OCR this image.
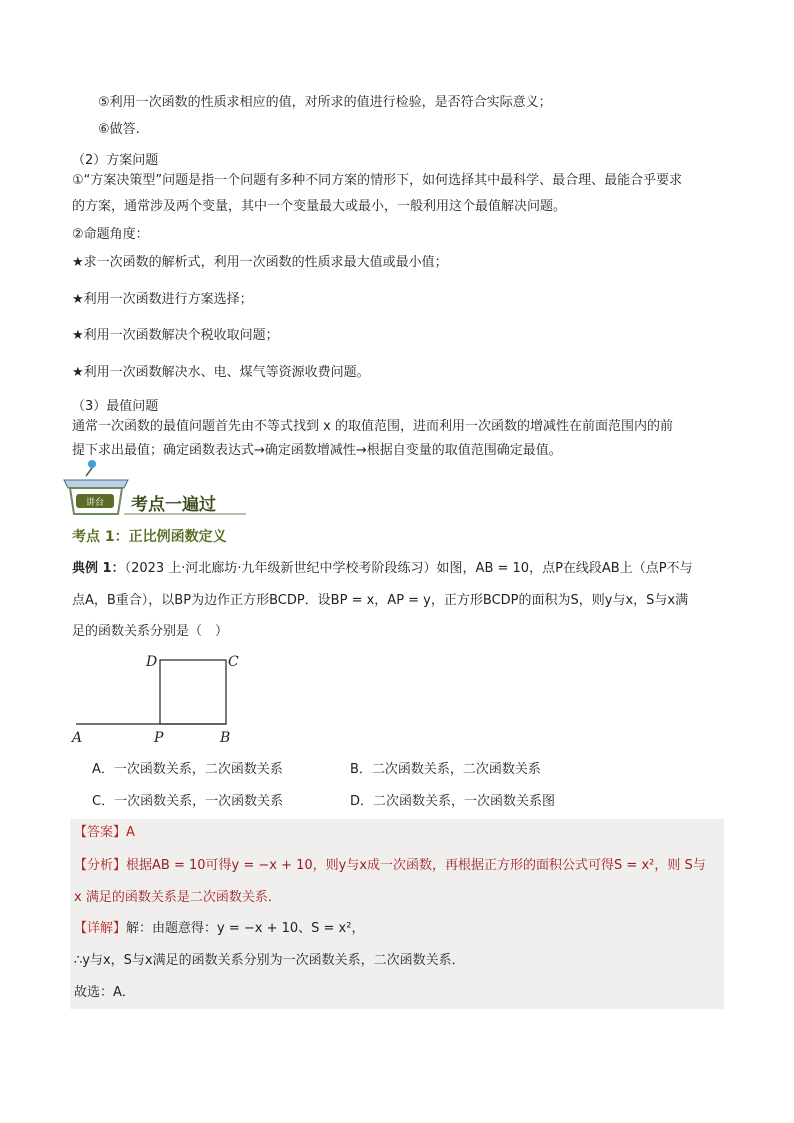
⑤利用一次函数的性质求相应的值，对所求的值进行检验，是否符合实际意义；
⑥做答.
（2）方案问题
①“方案决策型”问题是指一个问题有多种不同方案的情形下，如何选择其中最科学、最合理、最能合乎要求
的方案，通常涉及两个变量，其中一个变量最大或最小，一般利用这个最值解决问题。
②命题角度：
★求一次函数的解析式，利用一次函数的性质求最大值或最小值；
★利用一次函数进行方案选择；
★利用一次函数解决个税收取问题；
★利用一次函数解决水、电、煤气等资源收费问题。
（3）最值问题
通常一次函数的最值问题首先由不等式找到 x 的取值范围，进而利用一次函数的增减性在前面范围内的前
提下求出最值；确定函数表达式→确定函数增减性→根据自变量的取值范围确定最值。
讲台 考点一遍过
考点 1：正比例函数定义
典例 1：（2023 上·河北廊坊·九年级新世纪中学校考阶段练习）如图，AB = 10，点P在线段AB上（点P不与
点A，B重合），以BP为边作正方形BCDP．设BP = x，AP = y，正方形BCDP的面积为S，则y与x，S与x满
足的函数关系分别是（　）
A	P	B
C
D
A．一次函数关系，二次函数关系	B．二次函数关系，二次函数关系
C．一次函数关系，一次函数关系	D．二次函数关系，一次函数关系图
【答案】A
【分析】根据AB = 10可得y = −x + 10，则y与x成一次函数，再根据正方形的面积公式可得S = x²，则 S与
x 满足的函数关系是二次函数关系．
【详解】解：由题意得：y = −x + 10、S = x²，
∴y与x，S与x满足的函数关系分别为一次函数关系，二次函数关系．
故选：A．
